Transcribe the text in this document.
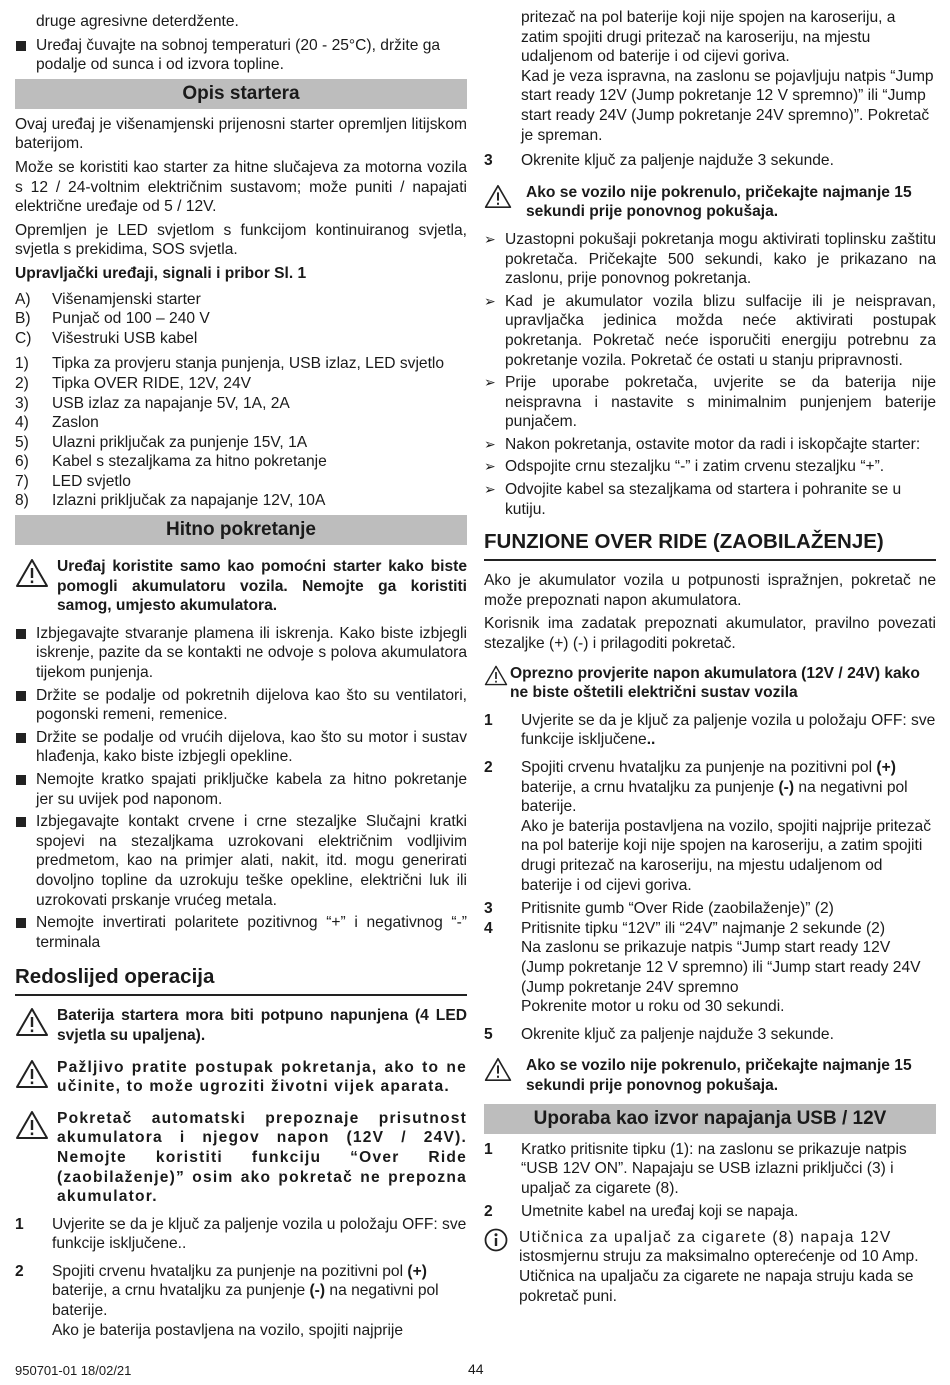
druge agresivne deterdžente.

Uređaj čuvajte na sobnoj temperaturi (20 - 25°C), držite ga podalje od sunca i od izvora topline.
Opis startera

Ovaj uređaj je višenamjenski prijenosni starter opremljen litijskom baterijom.

Može se koristiti kao starter za hitne slučajeva za motorna vozila s 12 / 24-voltnim električnim sustavom; može puniti / napajati električne uređaje od 5 / 12V.

Opremljen je LED svjetlom s funkcijom kontinuiranog svjetla, svjetla s prekidima, SOS svjetla.

Upravljački uređaji, signali i pribor Sl. 1

A) Višenamjenski starter
B) Punjač od 100 – 240 V
C) Višestruki USB kabel
1) Tipka za provjeru stanja punjenja, USB izlaz, LED svjetlo
2) Tipka OVER RIDE, 12V, 24V
3) USB izlaz za napajanje 5V, 1A, 2A
4) Zaslon
5) Ulazni priključak za punjenje 15V, 1A
6) Kabel s stezaljkama za hitno pokretanje
7) LED svjetlo
8) Izlazni priključak za napajanje 12V, 10A
Hitno pokretanje
Uređaj koristite samo kao pomoćni starter kako biste pomogli akumulatoru vozila. Nemojte ga koristiti samog, umjesto akumulatora.
Izbjegavajte stvaranje plamena ili iskrenja. Kako biste izbjegli iskrenje, pazite da se kontakti ne odvoje s polova akumulatora tijekom punjenja.
Držite se podalje od pokretnih dijelova kao što su ventilatori, pogonski remeni, remenice.
Držite se podalje od vrućih dijelova, kao što su motor i sustav hlađenja, kako biste izbjegli opekline.
Nemojte kratko spajati priključke kabela za hitno pokretanje jer su uvijek pod naponom.
Izbjegavajte kontakt crvene i crne stezaljke Slučajni kratki spojevi na stezaljkama uzrokovani električnim vodljivim predmetom, kao na primjer alati, nakit, itd. mogu generirati dovoljno topline da uzrokuju teške opekline, električni luk ili uzrokovati prskanje vrućeg metala.
Nemojte invertirati polaritete pozitivnog “+” i negativnog “-” terminala
Redoslijed operacija
Baterija startera mora biti potpuno napunjena (4 LED svjetla su upaljena).
Pažljivo pratite postupak pokretanja, ako to ne učinite, to može ugroziti životni vijek aparata.
Pokretač automatski prepoznaje prisutnost akumulatora i njegov napon (12V / 24V). Nemojte koristiti funkciju “Over Ride (zaobilaženje)” osim ako pokretač ne prepozna akumulator.
1 Uvjerite se da je ključ za paljenje vozila u položaju OFF: sve funkcije isključene..
2 Spojiti crvenu hvataljku za punjenje na pozitivni pol (+) baterije, a crnu hvataljku za punjenje (-) na negativni pol baterije.
Ako je baterija postavljena na vozilo, spojiti najprije

pritezač na pol baterije koji nije spojen na karoseriju, a zatim spojiti drugi pritezač na karoseriju, na mjestu udaljenom od baterije i od cijevi goriva.

Kad je veza ispravna, na zaslonu se pojavljuju natpis “Jump start ready 12V (Jump pokretanje 12 V spremno)” ili “Jump start ready 24V (Jump pokretanje 24V spremno)”. Pokretač je spreman.

3 Okrenite ključ za paljenje najduže 3 sekunde.
Ako se vozilo nije pokrenulo, pričekajte najmanje 15 sekundi prije ponovnog pokušaja.
➢ Uzastopni pokušaji pokretanja mogu aktivirati toplinsku zaštitu pokretača. Pričekajte 500 sekundi, kako je prikazano na zaslonu, prije ponovnog pokretanja.
➢ Kad je akumulator vozila blizu sulfacije ili je neispravan, upravljačka jedinica možda neće aktivirati postupak pokretanja. Pokretač neće isporučiti energiju potrebnu za pokretanje vozila. Pokretač će ostati u stanju pripravnosti.
➢ Prije uporabe pokretača, uvjerite se da baterija nije neispravna i nastavite s minimalnim punjenjem baterije punjačem.
➢ Nakon pokretanja, ostavite motor da radi i iskopčajte starter:
➢ Odspojite crnu stezaljku “-” i zatim crvenu stezaljku “+”.
➢ Odvojite kabel sa stezaljkama od startera i pohranite se u kutiju.
FUNZIONE OVER RIDE (ZAOBILAŽENJE)

Ako je akumulator vozila u potpunosti ispražnjen, pokretač ne može prepoznati napon akumulatora.

Korisnik ima zadatak prepoznati akumulator, pravilno povezati stezaljke (+) (-) i prilagoditi pokretač.

Oprezno provjerite napon akumulatora (12V / 24V) kako ne biste oštetili električni sustav vozila
1 Uvjerite se da je ključ za paljenje vozila u položaju OFF: sve funkcije isključene..
2 Spojiti crvenu hvataljku za punjenje na pozitivni pol (+) baterije, a crnu hvataljku za punjenje (-) na negativni pol baterije.
Ako je baterija postavljena na vozilo, spojiti najprije pritezač na pol baterije koji nije spojen na karoseriju, a zatim spojiti drugi pritezač na karoseriju, na mjestu udaljenom od baterije i od cijevi goriva.
3 Pritisnite gumb “Over Ride (zaobilaženje)” (2)
4 Pritisnite tipku “12V” ili “24V” najmanje 2 sekunde (2)
Na zaslonu se prikazuje natpis “Jump start ready 12V (Jump pokretanje 12 V spremno) ili “Jump start ready 24V (Jump pokretanje 24V spremno
Pokrenite motor u roku od 30 sekundi.
5 Okrenite ključ za paljenje najduže 3 sekunde.
Ako se vozilo nije pokrenulo, pričekajte najmanje 15 sekundi prije ponovnog pokušaja.
Uporaba kao izvor napajanja USB / 12V
1 Kratko pritisnite tipku (1): na zaslonu se prikazuje natpis “USB 12V ON”. Napajaju se USB izlazni priključci (3) i upaljač za cigarete (8).
2 Umetnite kabel na uređaj koji se napaja.
Utičnica za upaljač za cigarete (8) napaja 12V
istosmjernu struju za maksimalno opterećenje od 10 Amp. Utičnica na upaljaču za cigarete ne napaja struju kada se pokretač puni.
950701-01 18/02/21	44
